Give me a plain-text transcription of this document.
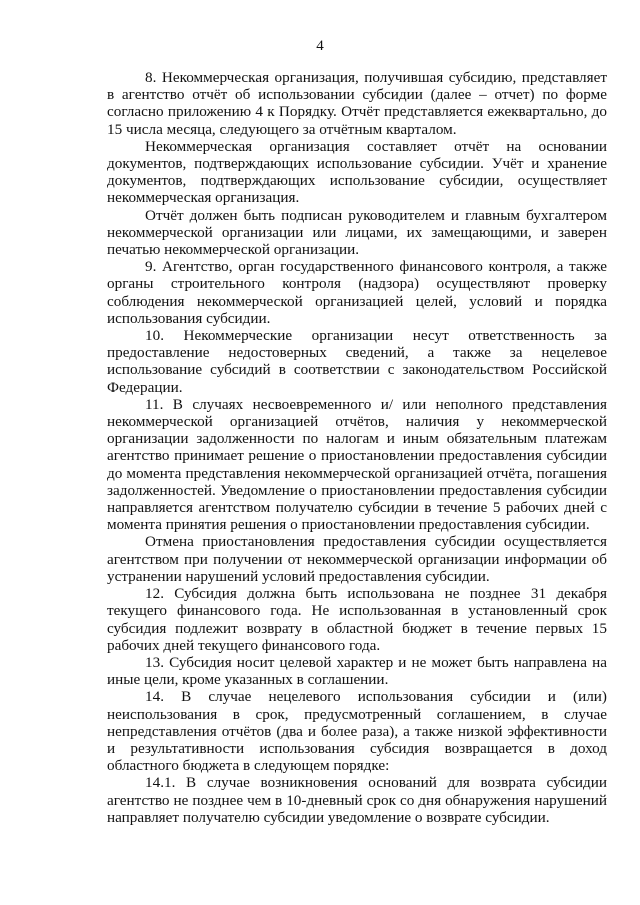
4

8. Некоммерческая организация, получившая субсидию, представляет в агентство отчёт об использовании субсидии (далее – отчет) по форме согласно приложению 4 к Порядку. Отчёт представляется ежеквартально, до 15 числа месяца, следующего за отчётным кварталом.

Некоммерческая организация составляет отчёт на основании документов, подтверждающих использование субсидии. Учёт и хранение документов, подтверждающих использование субсидии, осуществляет некоммерческая организация.

Отчёт должен быть подписан руководителем и главным бухгалтером некоммерческой организации или лицами, их замещающими, и заверен печатью некоммерческой организации.

9. Агентство, орган государственного финансового контроля, а также органы строительного контроля (надзора) осуществляют проверку соблюдения некоммерческой организацией целей, условий и порядка использования субсидии.

10. Некоммерческие организации несут ответственность за предоставление недостоверных сведений, а также за нецелевое использование субсидий в соответствии с законодательством Российской Федерации.

11. В случаях несвоевременного и/ или неполного представления некоммерческой организацией отчётов, наличия у некоммерческой организации задолженности по налогам и иным обязательным платежам агентство принимает решение о приостановлении предоставления субсидии до момента представления некоммерческой организацией отчёта, погашения задолженностей. Уведомление о приостановлении предоставления субсидии направляется агентством получателю субсидии в течение 5 рабочих дней с момента принятия решения о приостановлении предоставления субсидии.

Отмена приостановления предоставления субсидии осуществляется агентством при получении от некоммерческой организации информации об устранении нарушений условий предоставления субсидии.

12. Субсидия должна быть использована не позднее 31 декабря текущего финансового года. Не использованная в установленный срок субсидия подлежит возврату в областной бюджет в течение первых 15 рабочих дней текущего финансового года.

13. Субсидия носит целевой характер и не может быть направлена на иные цели, кроме указанных в соглашении.

14. В случае нецелевого использования субсидии и (или) неиспользования в срок, предусмотренный соглашением, в случае непредставления отчётов (два и более раза), а также низкой эффективности и результативности использования субсидия возвращается в доход областного бюджета в следующем порядке:

14.1. В случае возникновения оснований для возврата субсидии агентство не позднее чем в 10-дневный срок со дня обнаружения нарушений направляет получателю субсидии уведомление о возврате субсидии.
